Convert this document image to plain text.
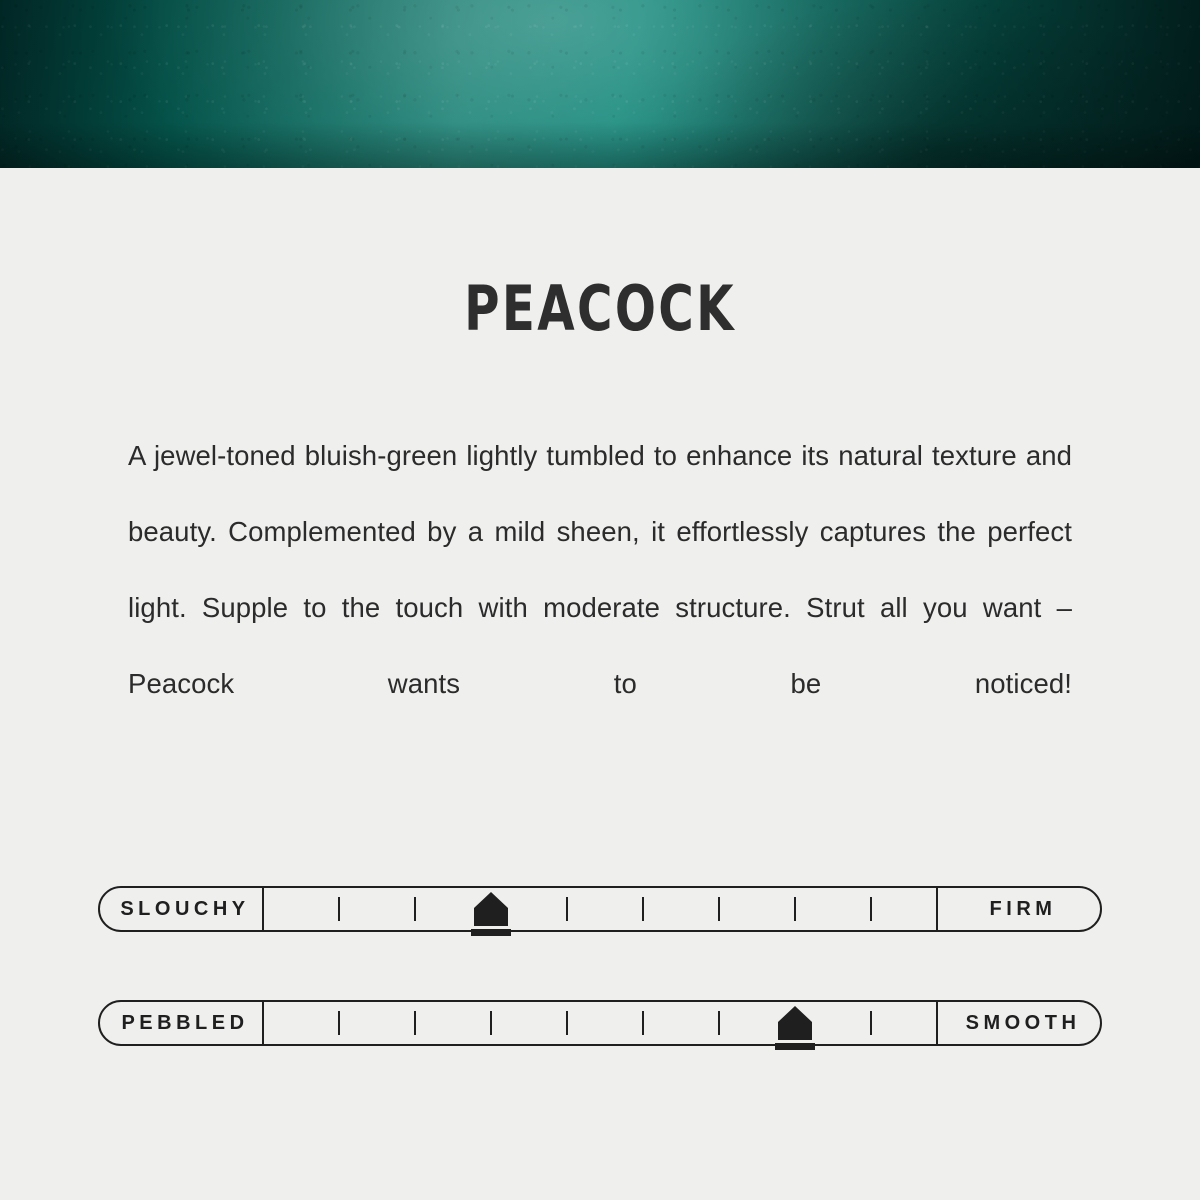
PEACOCK
A jewel-toned bluish-green lightly tumbled to enhance its natural texture and beauty. Complemented by a mild sheen, it effortlessly captures the perfect light. Supple to the touch with moderate structure. Strut all you want – Peacock wants to be noticed!
SLOUCHY	FIRM
PEBBLED	SMOOTH
